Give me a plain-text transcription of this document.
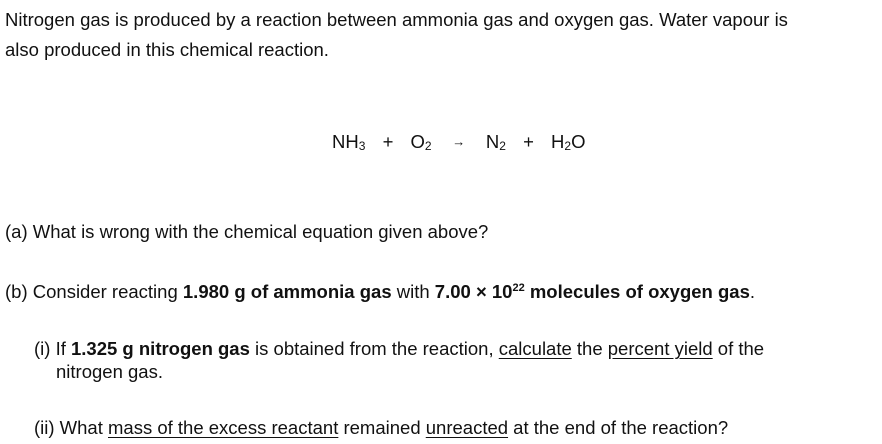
Nitrogen gas is produced by a reaction between ammonia gas and oxygen gas. Water vapour is
also produced in this chemical reaction.
$NH_3 + O_2 \to N_2 + H_2O$
(a) What is wrong with the chemical equation given above?
(b) Consider reacting 1.980 g of ammonia gas with $7.00 \times 10^{22}$ molecules of oxygen gas.
(i) If 1.325 g nitrogen gas is obtained from the reaction, calculate the percent yield of the
nitrogen gas.
(ii) What mass of the excess reactant remained unreacted at the end of the reaction?
